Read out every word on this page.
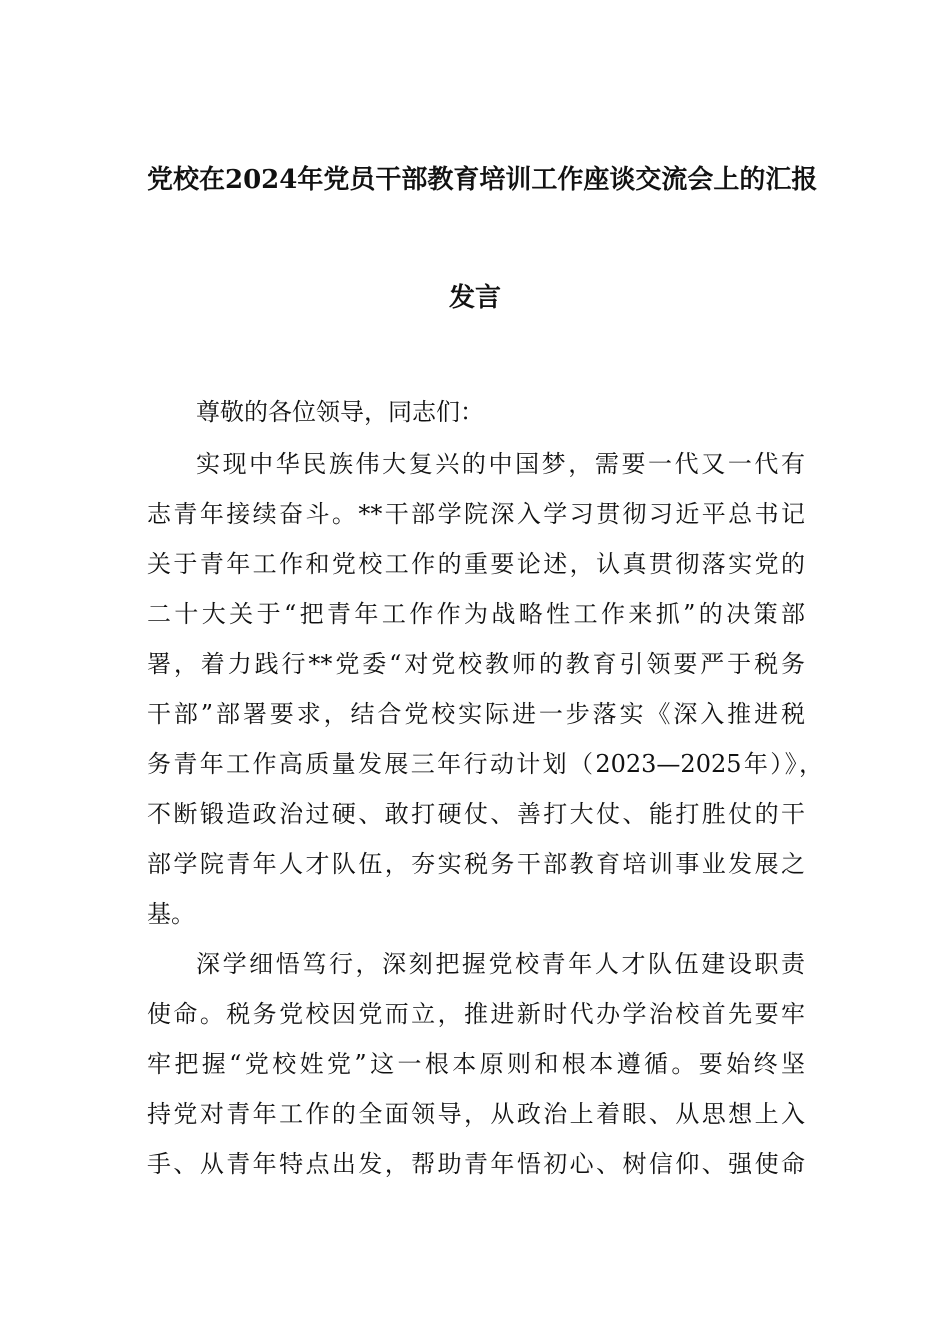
党校在2024年党员干部教育培训工作座谈交流会上的汇报
发言
尊敬的各位领导，同志们：
实现中华民族伟大复兴的中国梦，需要一代又一代有
志青年接续奋斗。**干部学院深入学习贯彻习近平总书记
关于青年工作和党校工作的重要论述，认真贯彻落实党的
二十大关于“把青年工作作为战略性工作来抓”的决策部
署，着力践行**党委“对党校教师的教育引领要严于税务
干部”部署要求，结合党校实际进一步落实《深入推进税
务青年工作高质量发展三年行动计划（2023—2025年）》，
不断锻造政治过硬、敢打硬仗、善打大仗、能打胜仗的干
部学院青年人才队伍，夯实税务干部教育培训事业发展之
基。
深学细悟笃行，深刻把握党校青年人才队伍建设职责
使命。税务党校因党而立，推进新时代办学治校首先要牢
牢把握“党校姓党”这一根本原则和根本遵循。要始终坚
持党对青年工作的全面领导，从政治上着眼、从思想上入
手、从青年特点出发，帮助青年悟初心、树信仰、强使命
